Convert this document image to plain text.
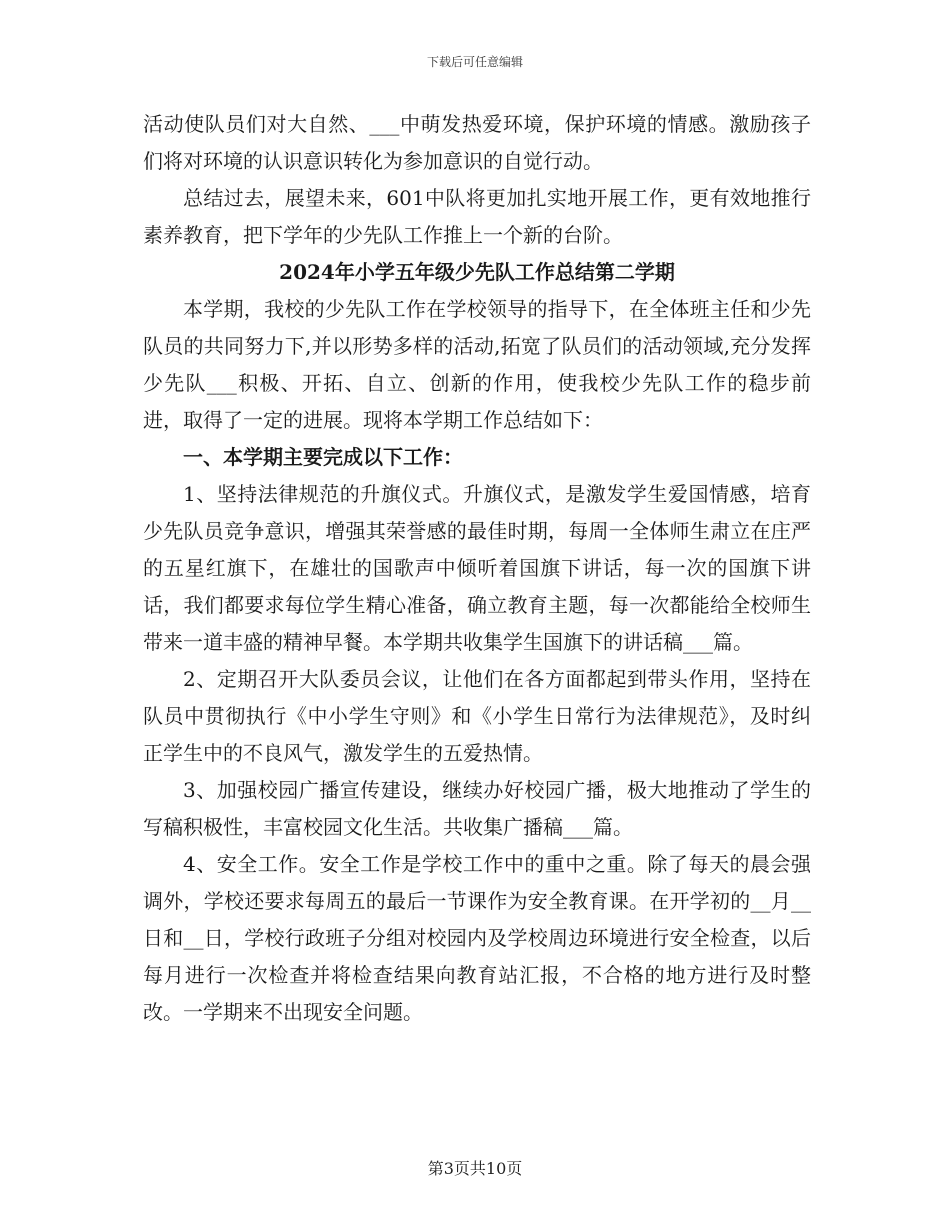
下载后可任意编辑

活动使队员们对大自然、___中萌发热爱环境，保护环境的情感。激励孩子们将对环境的认识意识转化为参加意识的自觉行动。

总结过去，展望未来，601中队将更加扎实地开展工作，更有效地推行素养教育，把下学年的少先队工作推上一个新的台阶。

2024年小学五年级少先队工作总结第二学期

本学期，我校的少先队工作在学校领导的指导下，在全体班主任和少先队员的共同努力下,并以形势多样的活动,拓宽了队员们的活动领域,充分发挥少先队___积极、开拓、自立、创新的作用，使我校少先队工作的稳步前进，取得了一定的进展。现将本学期工作总结如下：

一、本学期主要完成以下工作：

1、坚持法律规范的升旗仪式。升旗仪式，是激发学生爱国情感，培育少先队员竞争意识，增强其荣誉感的最佳时期，每周一全体师生肃立在庄严的五星红旗下，在雄壮的国歌声中倾听着国旗下讲话，每一次的国旗下讲话，我们都要求每位学生精心准备，确立教育主题，每一次都能给全校师生带来一道丰盛的精神早餐。本学期共收集学生国旗下的讲话稿___篇。

2、定期召开大队委员会议，让他们在各方面都起到带头作用，坚持在队员中贯彻执行《中小学生守则》和《小学生日常行为法律规范》，及时纠正学生中的不良风气，激发学生的五爱热情。

3、加强校园广播宣传建设，继续办好校园广播，极大地推动了学生的写稿积极性，丰富校园文化生活。共收集广播稿___篇。

4、安全工作。安全工作是学校工作中的重中之重。除了每天的晨会强调外，学校还要求每周五的最后一节课作为安全教育课。在开学初的__月__日和__日，学校行政班子分组对校园内及学校周边环境进行安全检查，以后每月进行一次检查并将检查结果向教育站汇报，不合格的地方进行及时整改。一学期来不出现安全问题。

第3页共10页
